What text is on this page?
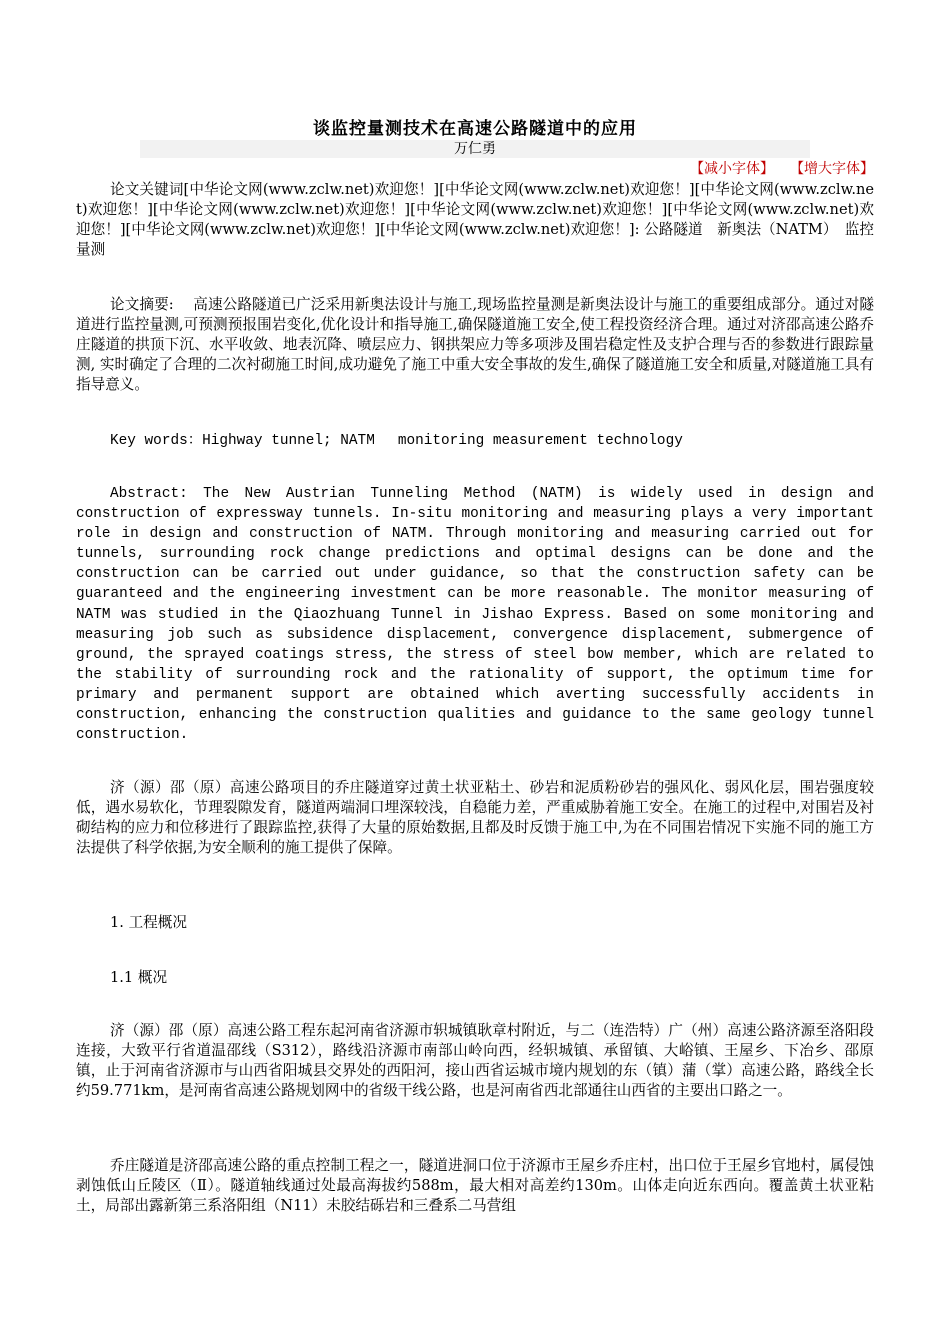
谈监控量测技术在高速公路隧道中的应用
万仁勇
【减小字体】 【增大字体】
论文关键词[中华论文网(www.zclw.net)欢迎您！][中华论文网(www.zclw.net)欢迎您！][中华论文网(www.zclw.net)欢迎您！][中华论文网(www.zclw.net)欢迎您！][中华论文网(www.zclw.net)欢迎您！][中华论文网(www.zclw.net)欢迎您！][中华论文网(www.zclw.net)欢迎您！][中华论文网(www.zclw.net)欢迎您！]: 公路隧道　新奥法（NATM）　监控量测
论文摘要:　 高速公路隧道已广泛采用新奥法设计与施工,现场监控量测是新奥法设计与施工的重要组成部分。通过对隧道进行监控量测,可预测预报围岩变化,优化设计和指导施工,确保隧道施工安全,使工程投资经济合理。通过对济邵高速公路乔庄隧道的拱顶下沉、水平收敛、地表沉降、喷层应力、钢拱架应力等多项涉及围岩稳定性及支护合理与否的参数进行跟踪量测, 实时确定了合理的二次衬砌施工时间,成功避免了施工中重大安全事故的发生,确保了隧道施工安全和质量,对隧道施工具有指导意义。
Key words：Highway tunnel; NATM　 monitoring measurement technology
Abstract: The New Austrian Tunneling Method (NATM) is widely used in design and construction of expressway tunnels. In-situ monitoring and measuring plays a very important role in design and construction of NATM. Through monitoring and measuring carried out for tunnels, surrounding rock change predictions and optimal designs can be done and the construction can be carried out under guidance, so that the construction safety can be guaranteed and the engineering investment can be more reasonable. The monitor measuring of NATM was studied in the Qiaozhuang Tunnel in Jishao Express. Based on some monitoring and measuring job such as subsidence displacement, convergence displacement, submergence of ground, the sprayed coatings stress, the stress of steel bow member, which are related to the stability of surrounding rock and the rationality of support, the optimum time for primary and permanent support are obtained which averting successfully accidents in construction, enhancing the construction qualities and guidance to the same geology tunnel construction.
济（源）邵（原）高速公路项目的乔庄隧道穿过黄土状亚粘土、砂岩和泥质粉砂岩的强风化、弱风化层，围岩强度较低，遇水易软化，节理裂隙发育，隧道两端洞口埋深较浅，自稳能力差，严重威胁着施工安全。在施工的过程中,对围岩及衬砌结构的应力和位移进行了跟踪监控,获得了大量的原始数据,且都及时反馈于施工中,为在不同围岩情况下实施不同的施工方法提供了科学依据,为安全顺利的施工提供了保障。
1. 工程概况
1.1 概况
济（源）邵（原）高速公路工程东起河南省济源市轵城镇耿章村附近，与二（连浩特）广（州）高速公路济源至洛阳段连接，大致平行省道温邵线（S312），路线沿济源市南部山岭向西，经轵城镇、承留镇、大峪镇、王屋乡、下冶乡、邵原镇，止于河南省济源市与山西省阳城县交界处的西阳河，接山西省运城市境内规划的东（镇）蒲（掌）高速公路，路线全长约59.771km，是河南省高速公路规划网中的省级干线公路，也是河南省西北部通往山西省的主要出口路之一。
乔庄隧道是济邵高速公路的重点控制工程之一，隧道进洞口位于济源市王屋乡乔庄村，出口位于王屋乡官地村，属侵蚀剥蚀低山丘陵区（Ⅱ）。隧道轴线通过处最高海拔约588m，最大相对高差约130m。山体走向近东西向。覆盖黄土状亚粘土，局部出露新第三系洛阳组（N11）未胶结砾岩和三叠系二马营组
